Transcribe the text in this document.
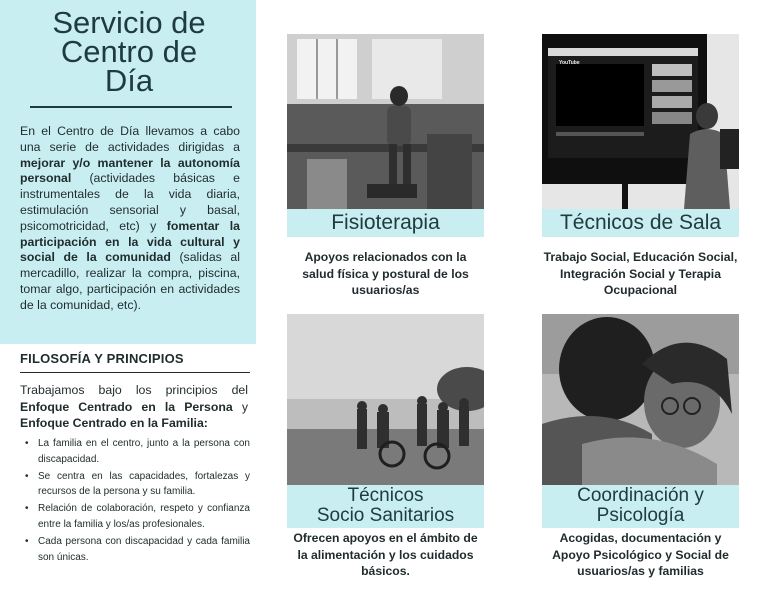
Servicio de
Centro de
Día
En el Centro de Día llevamos a cabo una serie de actividades dirigidas a mejorar y/o mantener la autonomía personal (actividades básicas e instrumentales de la vida diaria, estimulación sensorial y basal, psicomotricidad, etc) y fomentar la participación en la vida cultural y social de la comunidad (salidas al mercadillo, realizar la compra, piscina, tomar algo, participación en actividades de la comunidad, etc).
FILOSOFÍA Y PRINCIPIOS
Trabajamos bajo los principios del Enfoque Centrado en la Persona y Enfoque Centrado en la Familia:
• La familia en el centro, junto a la persona con discapacidad.
• Se centra en las capacidades, fortalezas y recursos de la persona y su familia.
• Relación de colaboración, respeto y confianza entre la familia y los/as profesionales.
• Cada persona con discapacidad y cada familia son únicas.
Fisioterapia
Apoyos relacionados con la salud física y postural de los usuarios/as
YouTube
Técnicos de Sala
Trabajo Social, Educación Social, Integración Social y Terapia Ocupacional
Técnicos
Socio Sanitarios
Ofrecen apoyos en el ámbito de la alimentación y los cuidados básicos.
Coordinación y
Psicología
Acogidas, documentación y Apoyo Psicológico y Social de usuarios/as y familias
